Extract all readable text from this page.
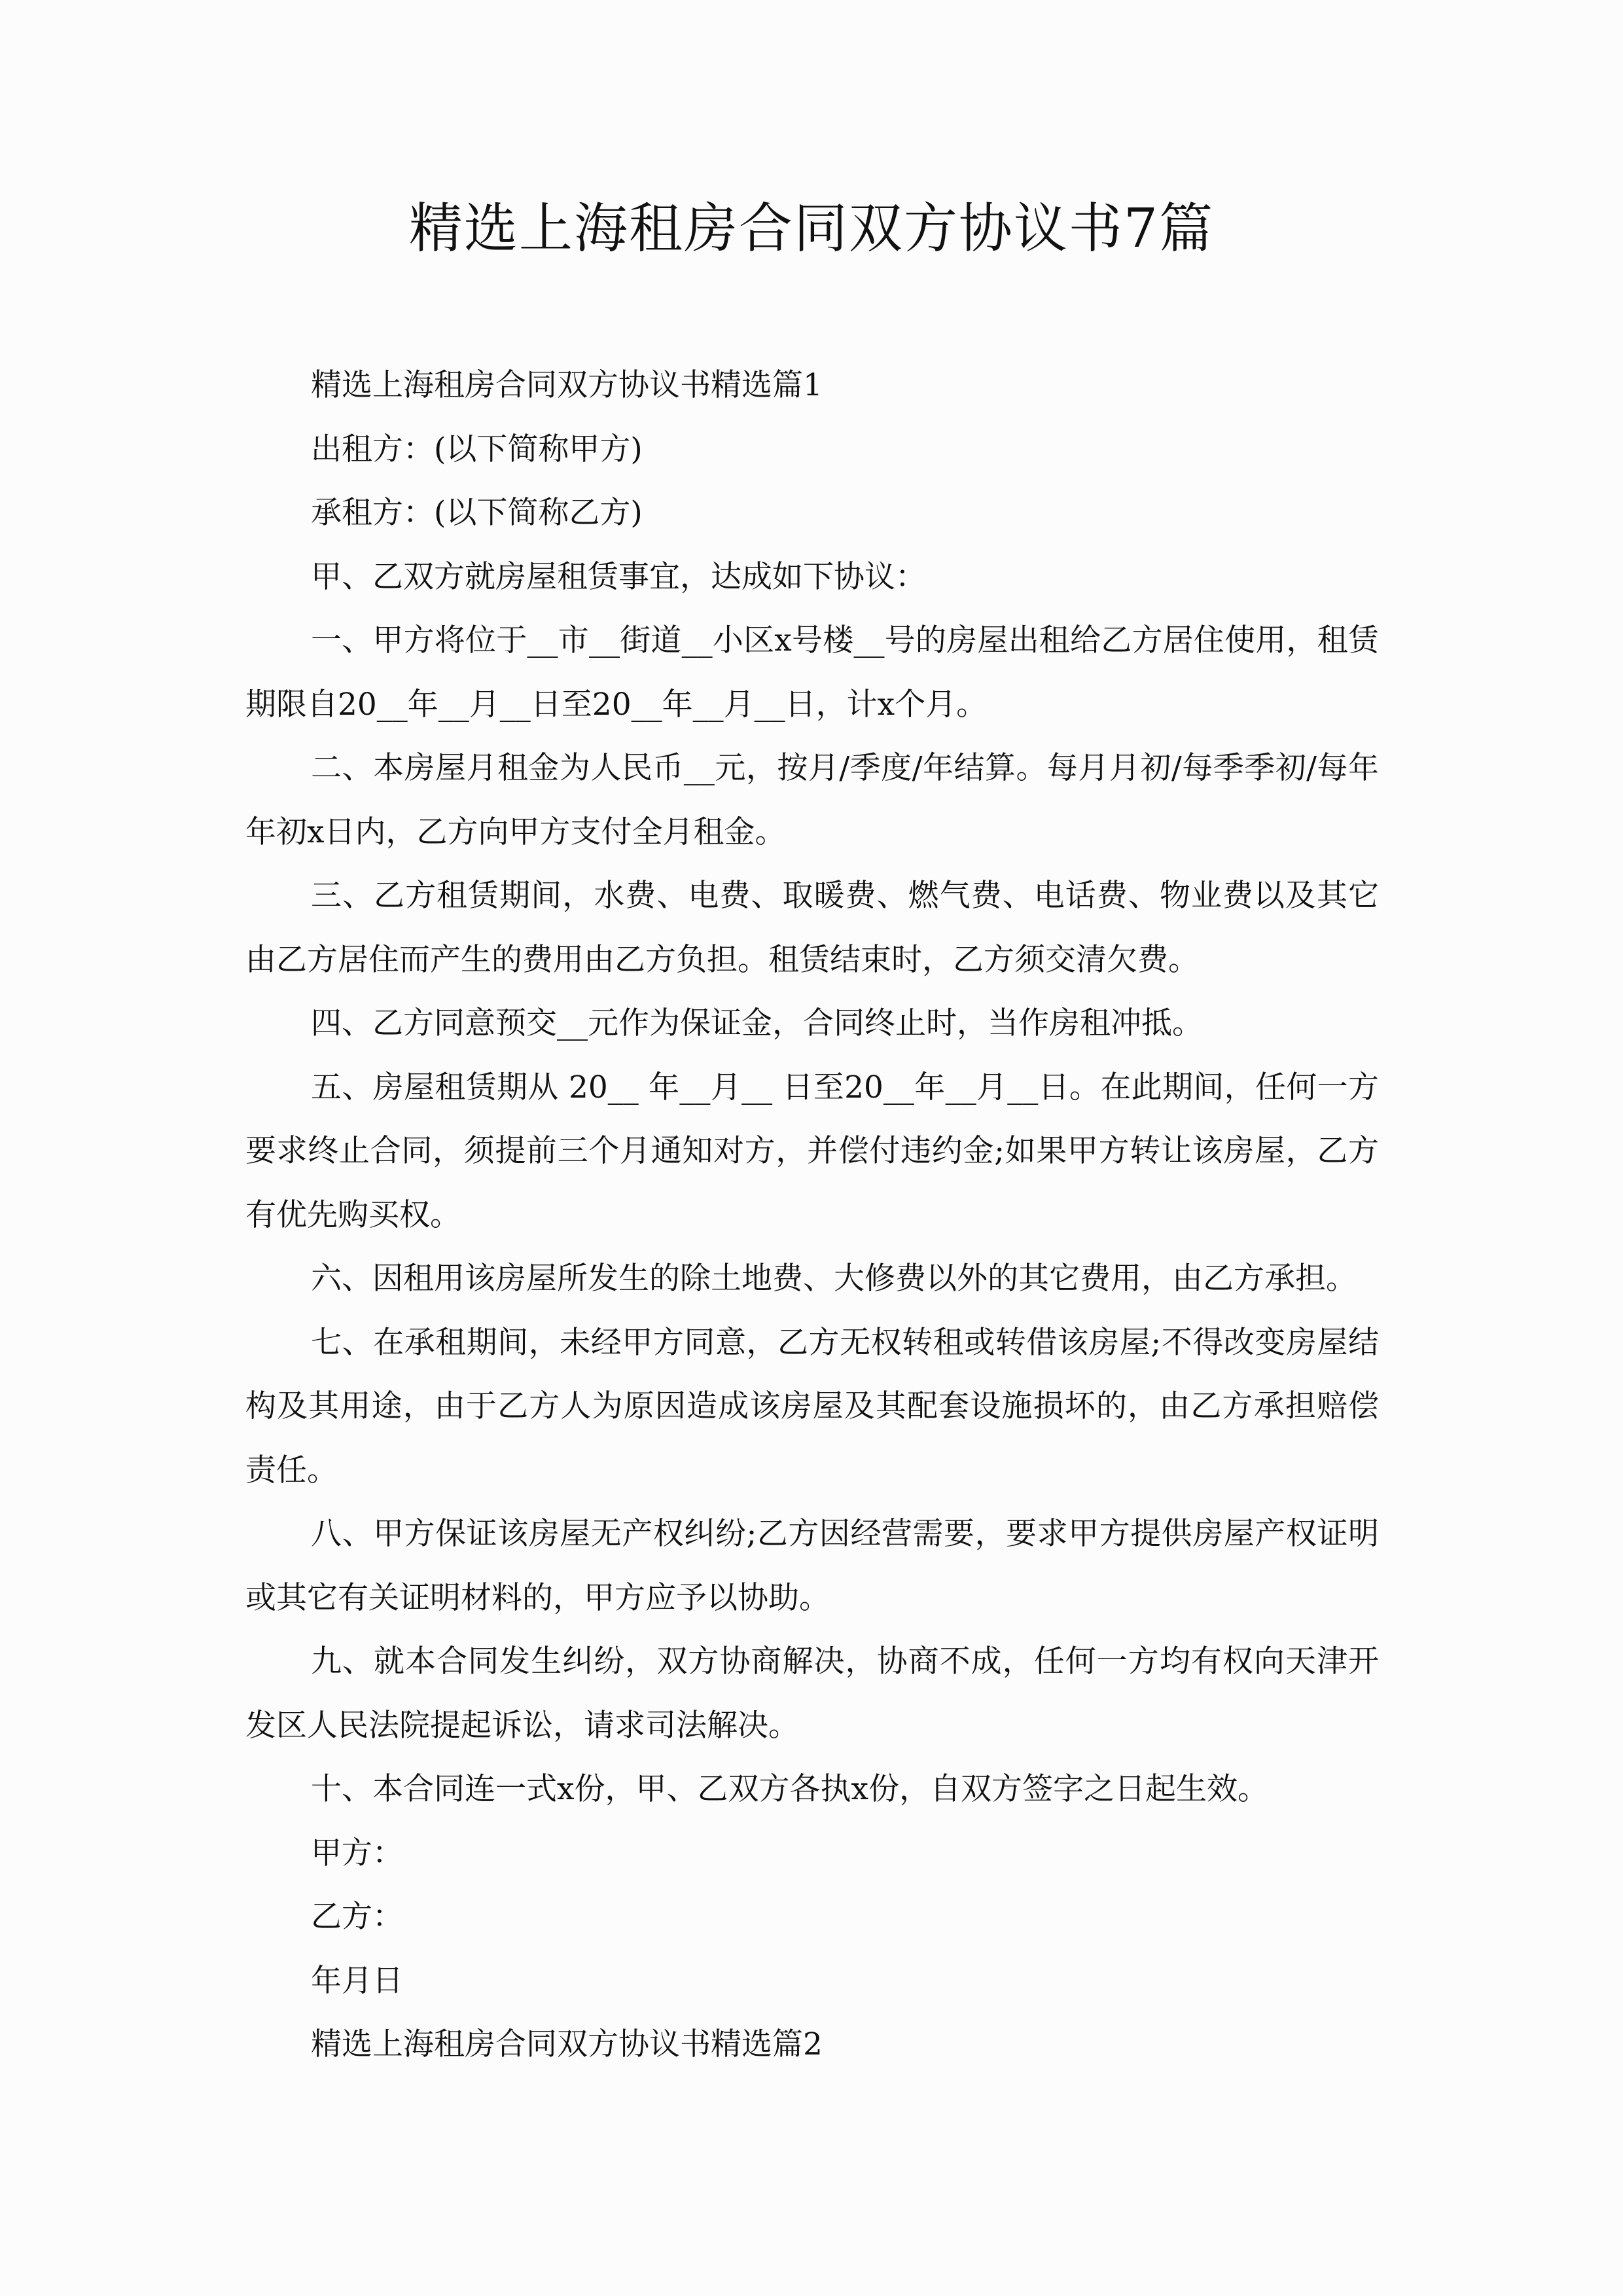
精选上海租房合同双方协议书7篇

精选上海租房合同双方协议书精选篇1

出租方：(以下简称甲方)

承租方：(以下简称乙方)

甲、乙双方就房屋租赁事宜，达成如下协议：

一、甲方将位于__市__街道__小区x号楼__号的房屋出租给乙方居住使用，租赁期限自20__年__月__日至20__年__月__日，计x个月。

二、本房屋月租金为人民币__元，按月/季度/年结算。每月月初/每季季初/每年年初x日内，乙方向甲方支付全月租金。

三、乙方租赁期间，水费、电费、取暖费、燃气费、电话费、物业费以及其它由乙方居住而产生的费用由乙方负担。租赁结束时，乙方须交清欠费。

四、乙方同意预交__元作为保证金，合同终止时，当作房租冲抵。

五、房屋租赁期从 20__ 年__月__ 日至20__年__月__日。在此期间，任何一方要求终止合同，须提前三个月通知对方，并偿付违约金;如果甲方转让该房屋，乙方有优先购买权。

六、因租用该房屋所发生的除土地费、大修费以外的其它费用，由乙方承担。

七、在承租期间，未经甲方同意，乙方无权转租或转借该房屋;不得改变房屋结构及其用途，由于乙方人为原因造成该房屋及其配套设施损坏的，由乙方承担赔偿责任。

八、甲方保证该房屋无产权纠纷;乙方因经营需要，要求甲方提供房屋产权证明或其它有关证明材料的，甲方应予以协助。

九、就本合同发生纠纷，双方协商解决，协商不成，任何一方均有权向天津开发区人民法院提起诉讼，请求司法解决。

十、本合同连一式x份，甲、乙双方各执x份，自双方签字之日起生效。

甲方：

乙方：

年月日

精选上海租房合同双方协议书精选篇2
